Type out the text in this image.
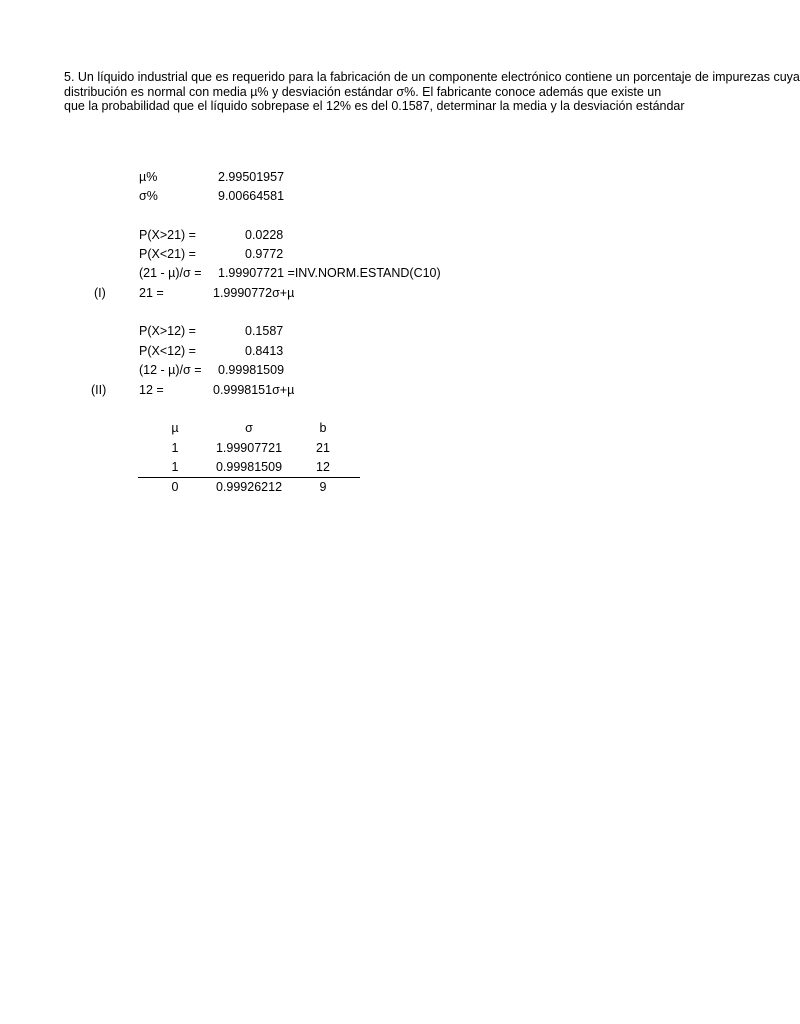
5. Un líquido industrial que es requerido para la fabricación de un componente electrónico contiene un porcentaje de impurezas cuya
distribución es normal con media µ% y desviación estándar σ%. El fabricante conoce además que existe un
que la probabilidad que el líquido sobrepase el 12% es del 0.1587, determinar la media y la desviación estándar
µ%	2.99501957
σ%	9.00664581
P(X>21) =	0.0228
P(X<21) =	0.9772
(21 - µ)/σ = 1.99907721 =INV.NORM.ESTAND(C10)
(I)	21 =	1.9990772σ+µ
P(X>12) =	0.1587
P(X<12) =	0.8413
(12 - µ)/σ = 0.99981509
(II)	12 =	0.9998151σ+µ
µ	σ	b
1	1.99907721	21
1	0.99981509	12
0	0.99926212	9
